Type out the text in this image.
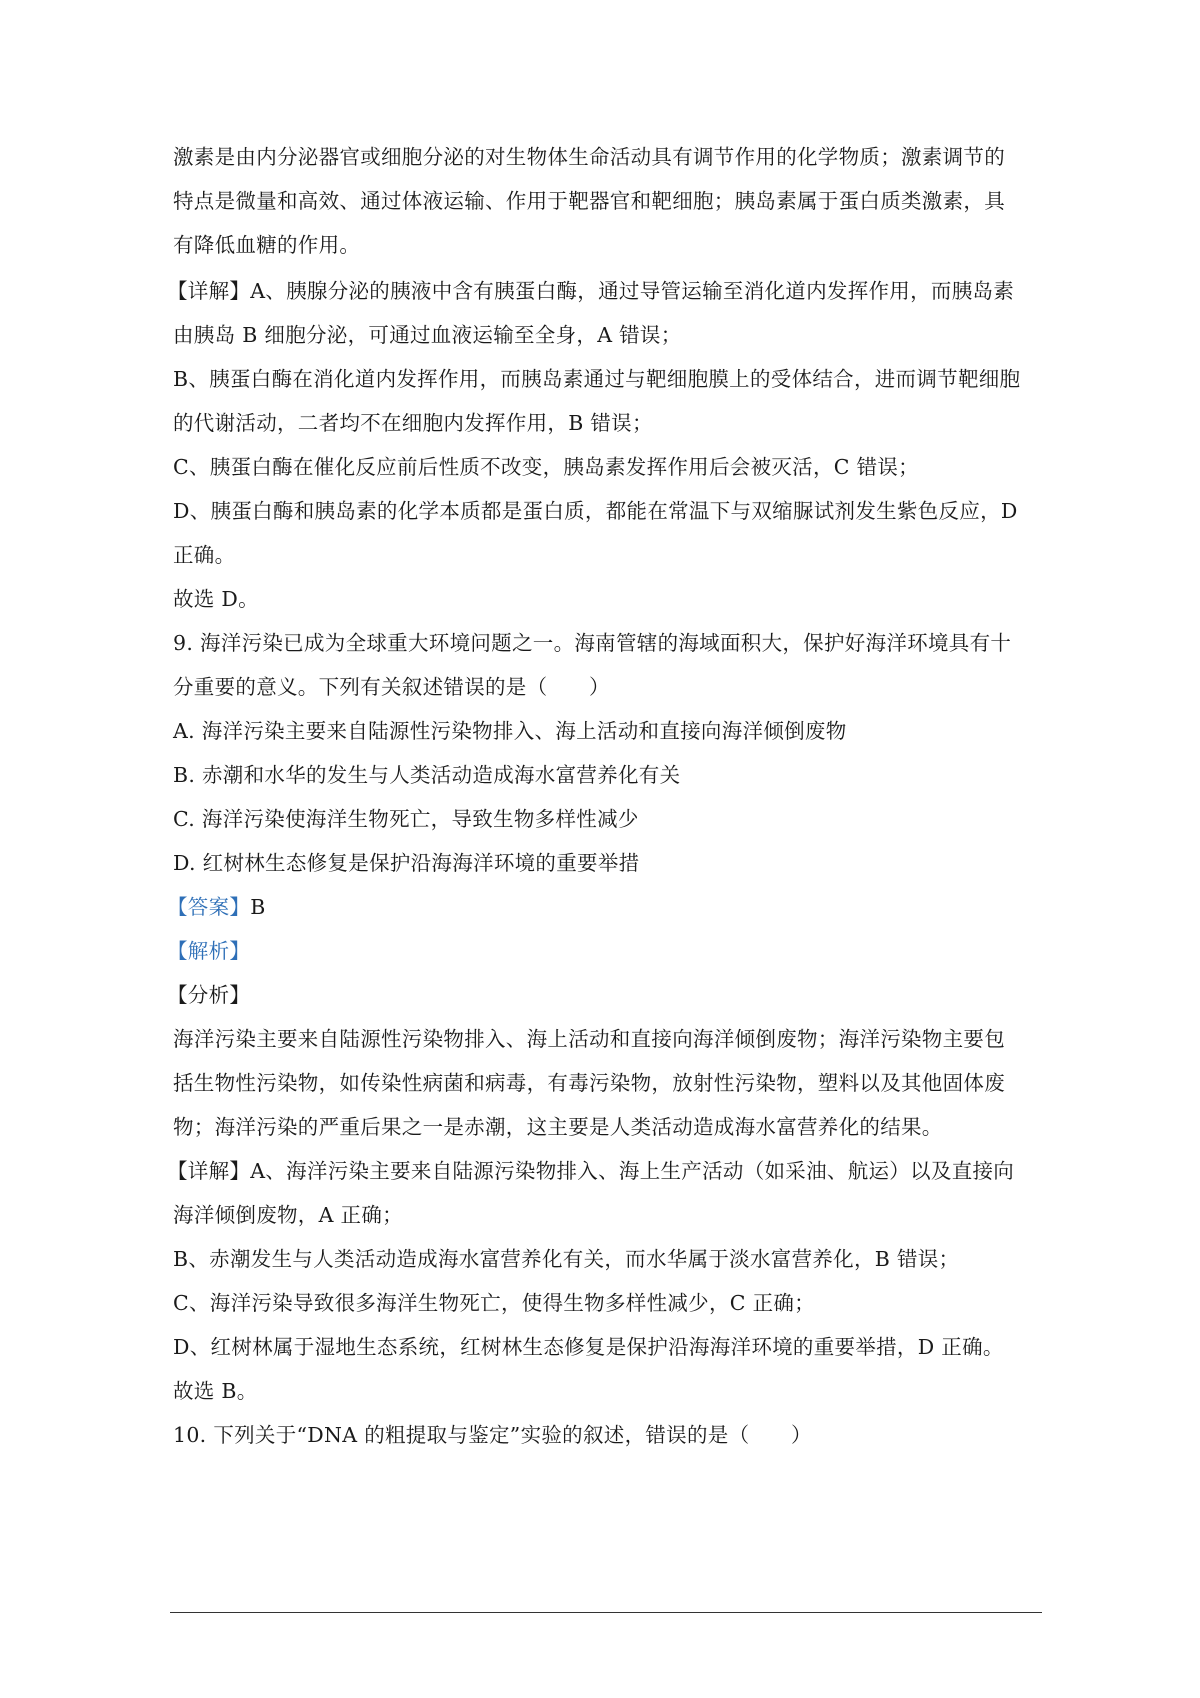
激素是由内分泌器官或细胞分泌的对生物体生命活动具有调节作用的化学物质；激素调节的
特点是微量和高效、通过体液运输、作用于靶器官和靶细胞；胰岛素属于蛋白质类激素，具
有降低血糖的作用。
【详解】A、胰腺分泌的胰液中含有胰蛋白酶，通过导管运输至消化道内发挥作用，而胰岛素
由胰岛 B 细胞分泌，可通过血液运输至全身，A 错误；
B、胰蛋白酶在消化道内发挥作用，而胰岛素通过与靶细胞膜上的受体结合，进而调节靶细胞
的代谢活动，二者均不在细胞内发挥作用，B 错误；
C、胰蛋白酶在催化反应前后性质不改变，胰岛素发挥作用后会被灭活，C 错误；
D、胰蛋白酶和胰岛素的化学本质都是蛋白质，都能在常温下与双缩脲试剂发生紫色反应，D
正确。
故选 D。
9. 海洋污染已成为全球重大环境问题之一。海南管辖的海域面积大，保护好海洋环境具有十
分重要的意义。下列有关叙述错误的是（　　）
A. 海洋污染主要来自陆源性污染物排入、海上活动和直接向海洋倾倒废物
B. 赤潮和水华的发生与人类活动造成海水富营养化有关
C. 海洋污染使海洋生物死亡，导致生物多样性减少
D. 红树林生态修复是保护沿海海洋环境的重要举措
【答案】B
【解析】
【分析】
海洋污染主要来自陆源性污染物排入、海上活动和直接向海洋倾倒废物；海洋污染物主要包
括生物性污染物，如传染性病菌和病毒，有毒污染物，放射性污染物，塑料以及其他固体废
物；海洋污染的严重后果之一是赤潮，这主要是人类活动造成海水富营养化的结果。
【详解】A、海洋污染主要来自陆源污染物排入、海上生产活动（如采油、航运）以及直接向
海洋倾倒废物，A 正确；
B、赤潮发生与人类活动造成海水富营养化有关，而水华属于淡水富营养化，B 错误；
C、海洋污染导致很多海洋生物死亡，使得生物多样性减少，C 正确；
D、红树林属于湿地生态系统，红树林生态修复是保护沿海海洋环境的重要举措，D 正确。
故选 B。
10. 下列关于“DNA 的粗提取与鉴定”实验的叙述，错误的是（　　）
